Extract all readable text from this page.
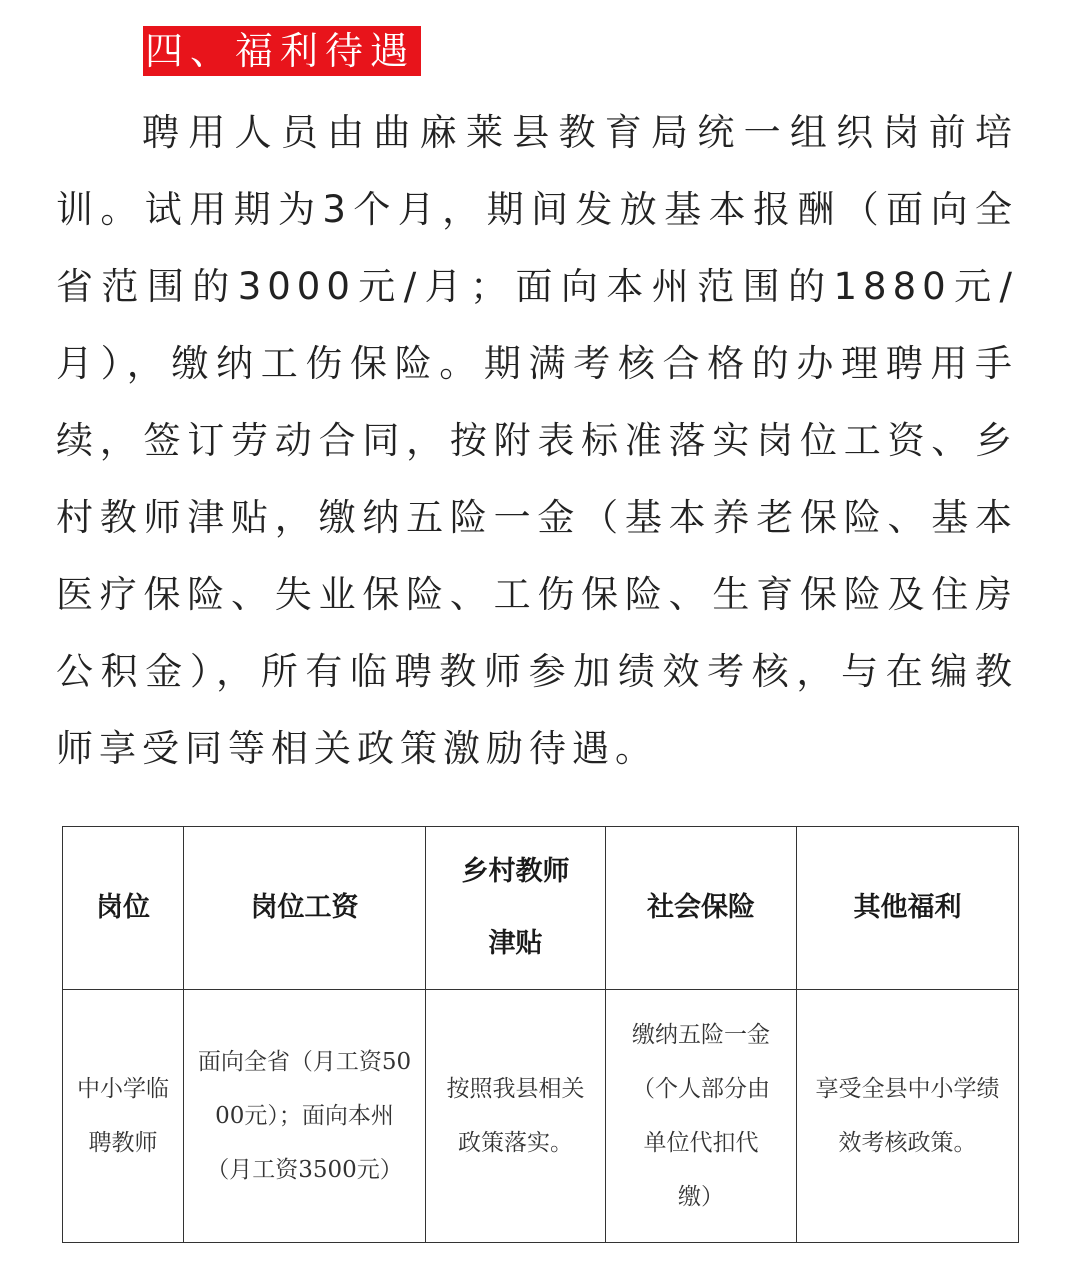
四、福利待遇

聘用人员由曲麻莱县教育局统一组织岗前培训。试用期为3个月，期间发放基本报酬（面向全省范围的3000元/月；面向本州范围的1880元/月），缴纳工伤保险。期满考核合格的办理聘用手续，签订劳动合同，按附表标准落实岗位工资、乡村教师津贴，缴纳五险一金（基本养老保险、基本医疗保险、失业保险、工伤保险、生育保险及住房公积金），所有临聘教师参加绩效考核，与在编教师享受同等相关政策激励待遇。

岗位	岗位工资	乡村教师津贴	社会保险	其他福利
中小学临聘教师	面向全省（月工资5000元）；面向本州（月工资3500元）	按照我县相关政策落实。	缴纳五险一金（个人部分由单位代扣代缴）	享受全县中小学绩效考核政策。
